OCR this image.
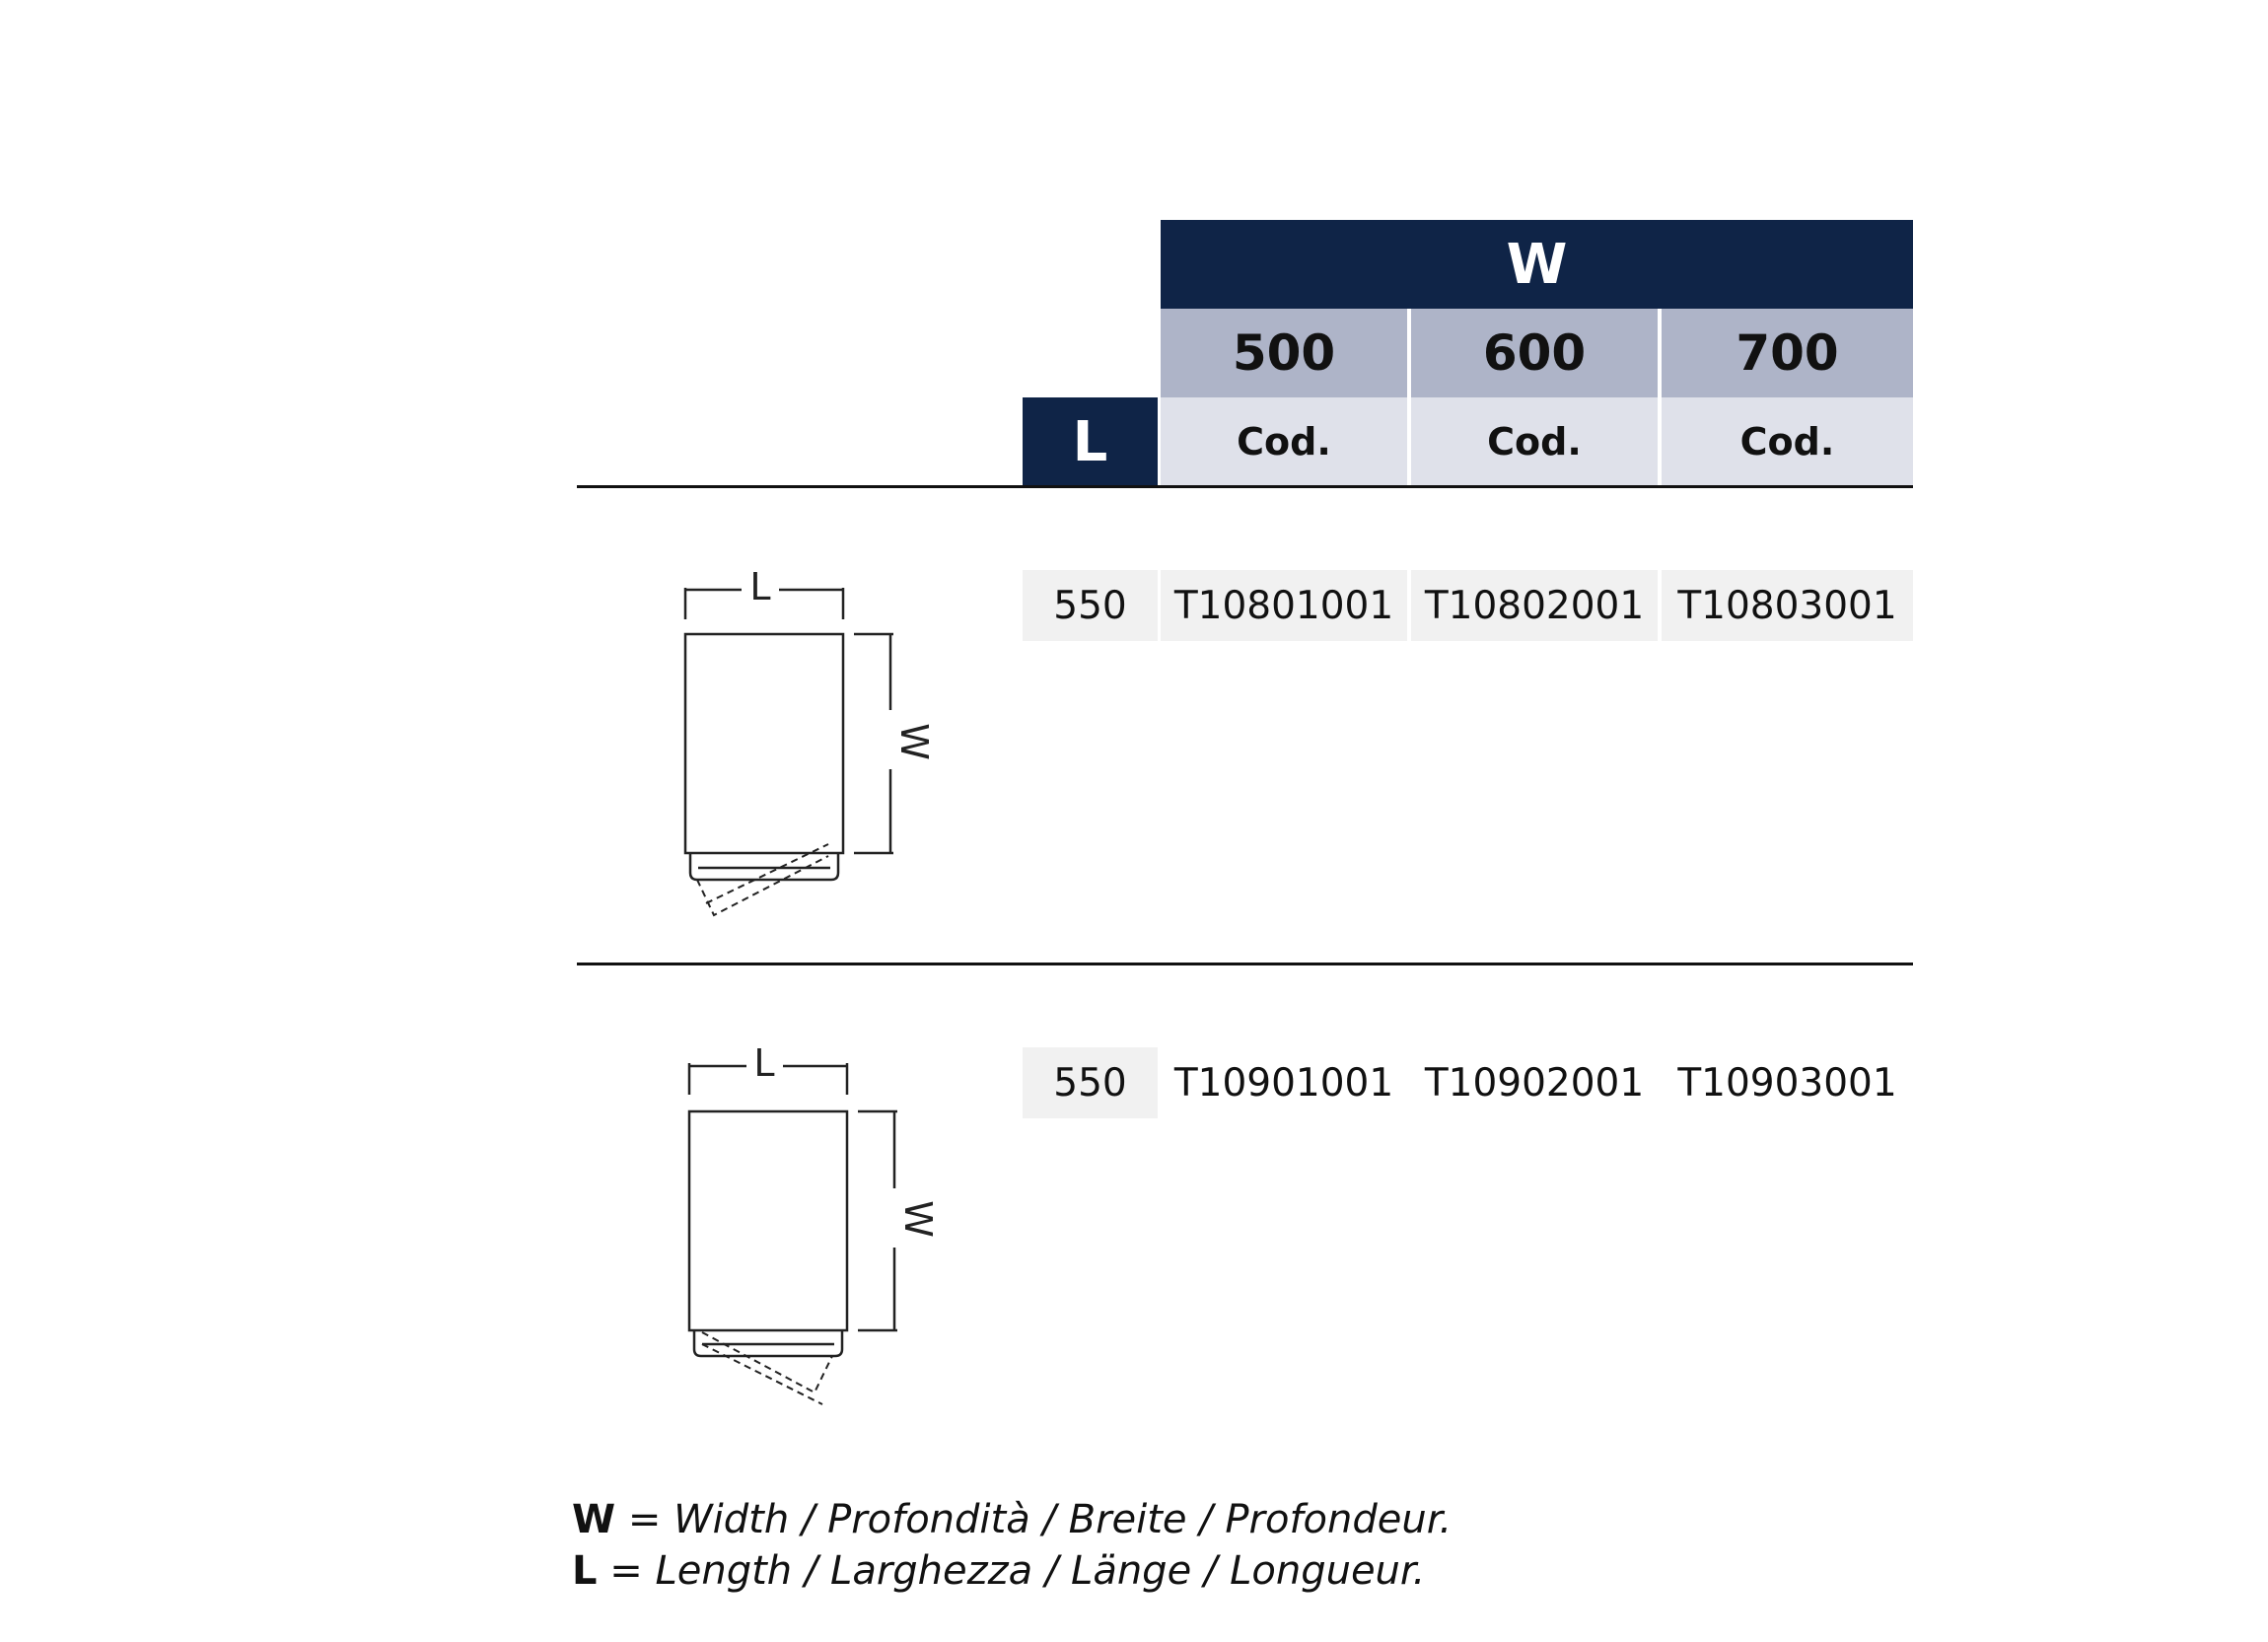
W
500	600	700
L	Cod.	Cod.	Cod.
550	T10801001 T10802001 T10803001
550	T10901001 T10902001 T10903001
L
W
L
W
W = Width / Profondità / Breite / Profondeur.
L = Length / Larghezza / Länge / Longueur.
